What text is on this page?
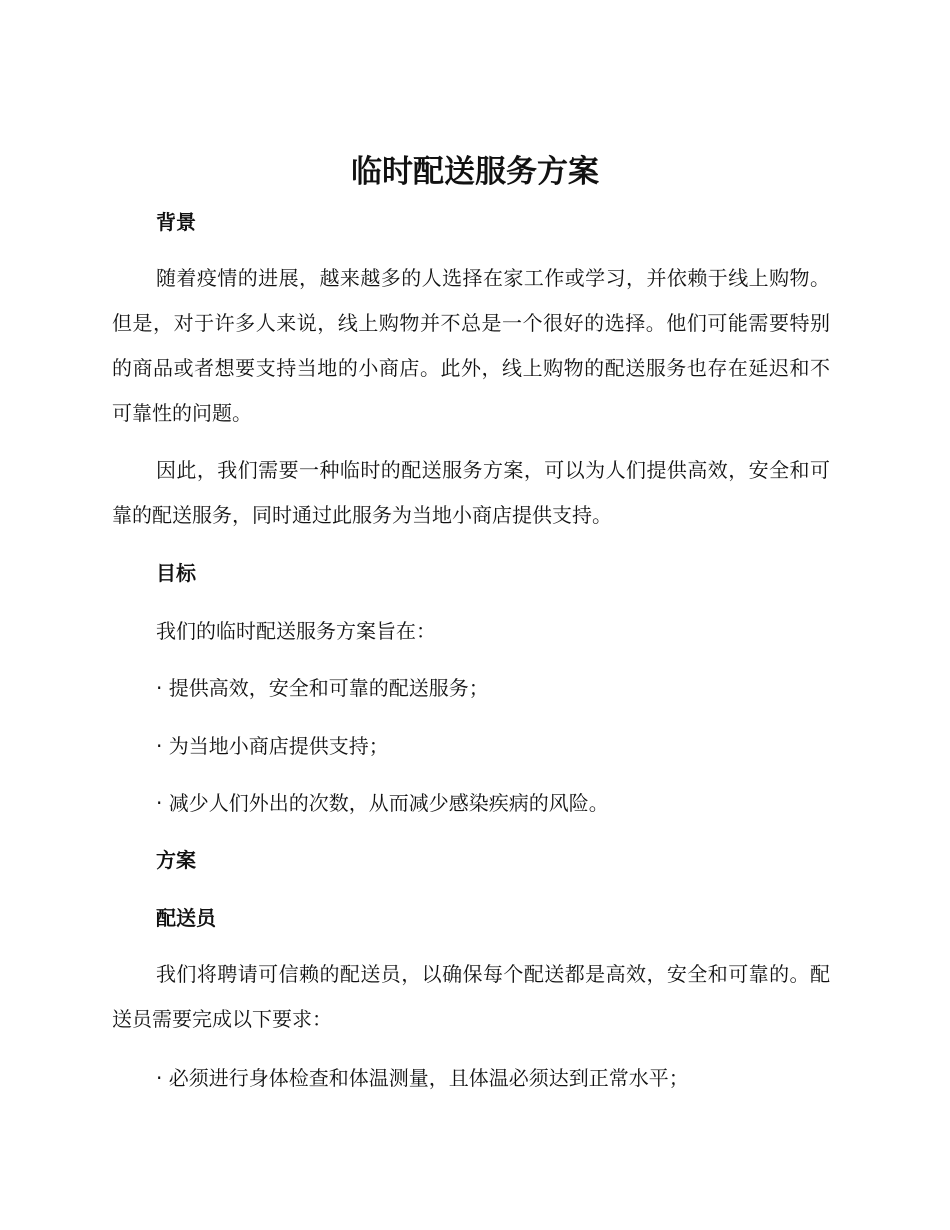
临时配送服务方案
背景

随着疫情的进展，越来越多的人选择在家工作或学习，并依赖于线上购物。但是，对于许多人来说，线上购物并不总是一个很好的选择。他们可能需要特别的商品或者想要支持当地的小商店。此外，线上购物的配送服务也存在延迟和不可靠性的问题。

因此，我们需要一种临时的配送服务方案，可以为人们提供高效，安全和可靠的配送服务，同时通过此服务为当地小商店提供支持。

目标
我们的临时配送服务方案旨在：
· 提供高效，安全和可靠的配送服务；
· 为当地小商店提供支持；
· 减少人们外出的次数，从而减少感染疾病的风险。
方案
配送员

我们将聘请可信赖的配送员，以确保每个配送都是高效，安全和可靠的。配送员需要完成以下要求：

· 必须进行身体检查和体温测量，且体温必须达到正常水平；
